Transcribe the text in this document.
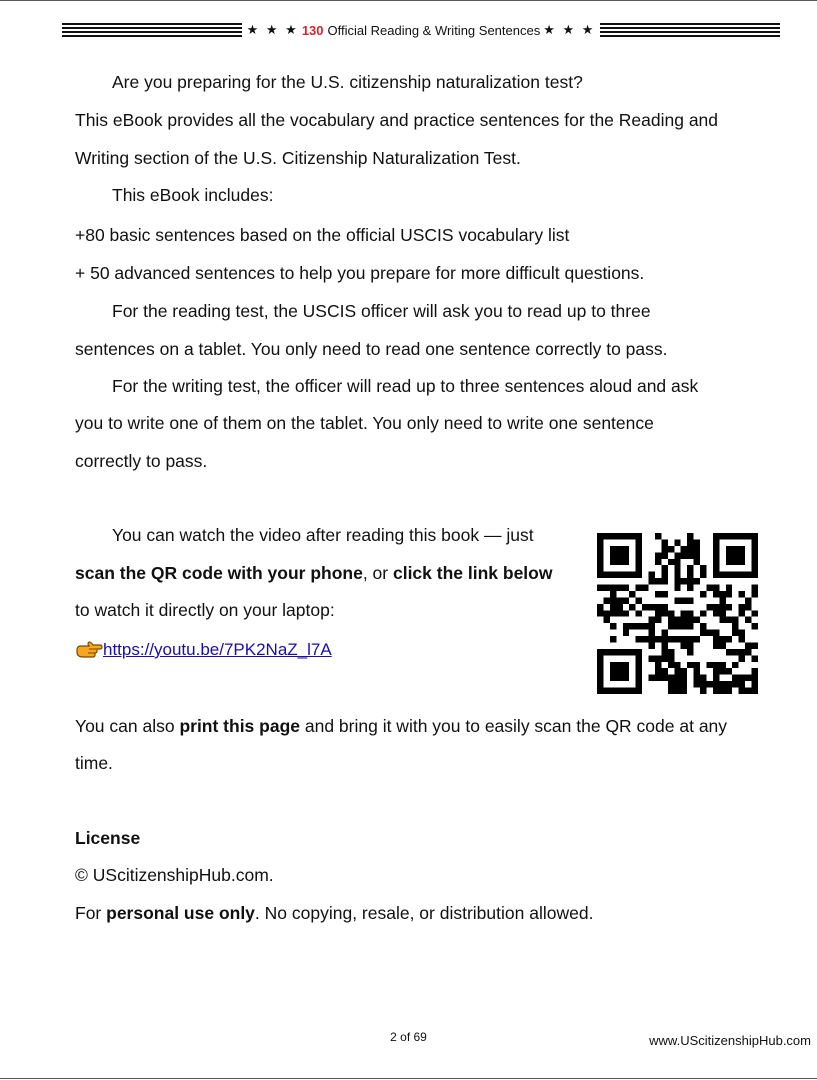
★ ★ ★ 130 Official Reading & Writing Sentences ★ ★ ★
Are you preparing for the U.S. citizenship naturalization test?
This eBook provides all the vocabulary and practice sentences for the Reading and
Writing section of the U.S. Citizenship Naturalization Test.
This eBook includes:
+80 basic sentences based on the official USCIS vocabulary list
+ 50 advanced sentences to help you prepare for more difficult questions.
For the reading test, the USCIS officer will ask you to read up to three
sentences on a tablet. You only need to read one sentence correctly to pass.
For the writing test, the officer will read up to three sentences aloud and ask
you to write one of them on the tablet. You only need to write one sentence
correctly to pass.
You can watch the video after reading this book — just
scan the QR code with your phone, or click the link below
to watch it directly on your laptop:
https://youtu.be/7PK2NaZ_l7A
You can also print this page and bring it with you to easily scan the QR code at any
time.
License
© UScitizenshipHub.com.
For personal use only. No copying, resale, or distribution allowed.
2 of 69	www.UScitizenshipHub.com
